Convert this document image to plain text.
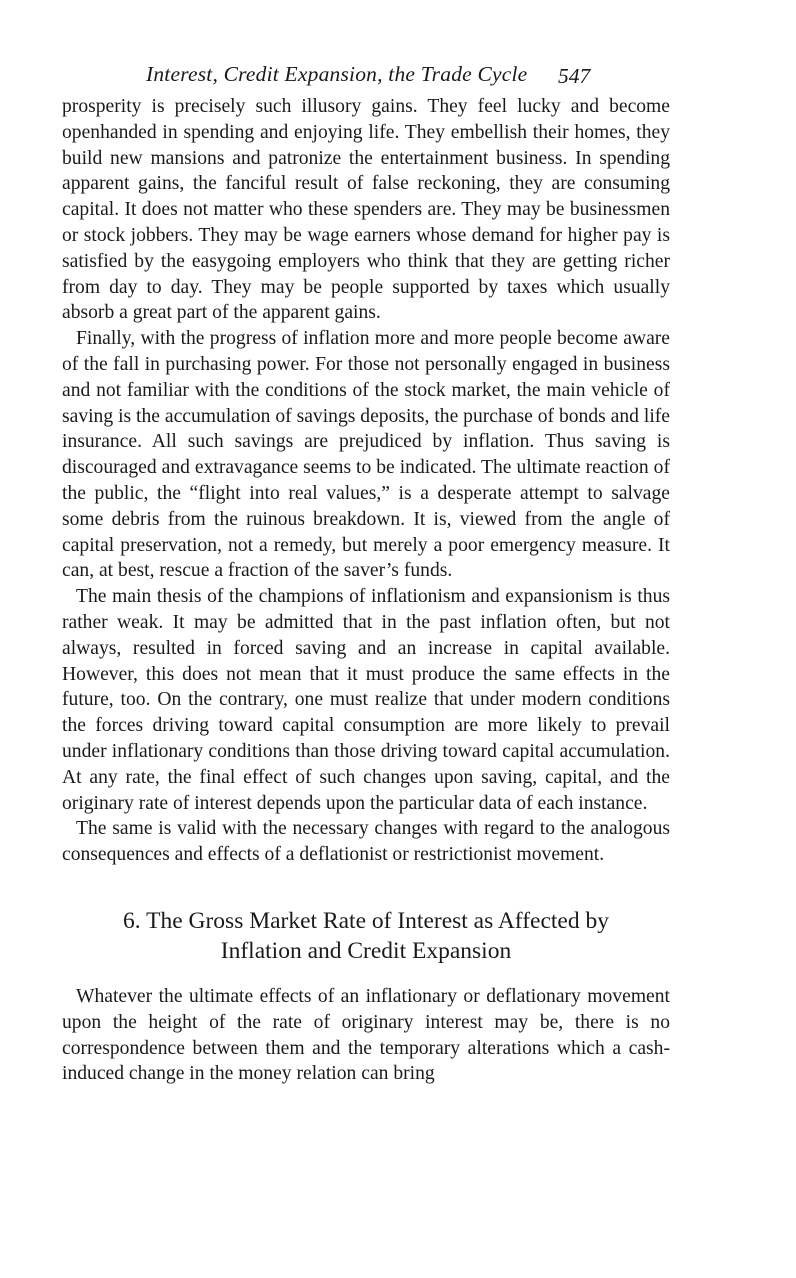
Interest, Credit Expansion, the Trade Cycle 547

prosperity is precisely such illusory gains. They feel lucky and become openhanded in spending and enjoying life. They embellish their homes, they build new mansions and patronize the entertainment business. In spending apparent gains, the fanciful result of false reckoning, they are consuming capital. It does not matter who these spenders are. They may be businessmen or stock jobbers. They may be wage earners whose demand for higher pay is satisfied by the easygoing employers who think that they are getting richer from day to day. They may be people supported by taxes which usually absorb a great part of the apparent gains.

Finally, with the progress of inflation more and more people become aware of the fall in purchasing power. For those not personally engaged in business and not familiar with the conditions of the stock market, the main vehicle of saving is the accumulation of savings deposits, the purchase of bonds and life insurance. All such savings are prejudiced by inflation. Thus saving is discouraged and extravagance seems to be indicated. The ultimate reaction of the public, the “flight into real values,” is a desperate attempt to salvage some debris from the ruinous breakdown. It is, viewed from the angle of capital preservation, not a remedy, but merely a poor emergency measure. It can, at best, rescue a fraction of the saver’s funds.

The main thesis of the champions of inflationism and expansionism is thus rather weak. It may be admitted that in the past inflation often, but not always, resulted in forced saving and an increase in capital available. However, this does not mean that it must produce the same effects in the future, too. On the contrary, one must realize that under modern conditions the forces driving toward capital consumption are more likely to prevail under inflationary conditions than those driving toward capital accumulation. At any rate, the final effect of such changes upon saving, capital, and the originary rate of interest depends upon the particular data of each instance.

The same is valid with the necessary changes with regard to the analogous consequences and effects of a deflationist or restrictionist movement.

6. The Gross Market Rate of Interest as Affected by
Inflation and Credit Expansion

Whatever the ultimate effects of an inflationary or deflationary movement upon the height of the rate of originary interest may be, there is no correspondence between them and the temporary alterations which a cash-induced change in the money relation can bring
